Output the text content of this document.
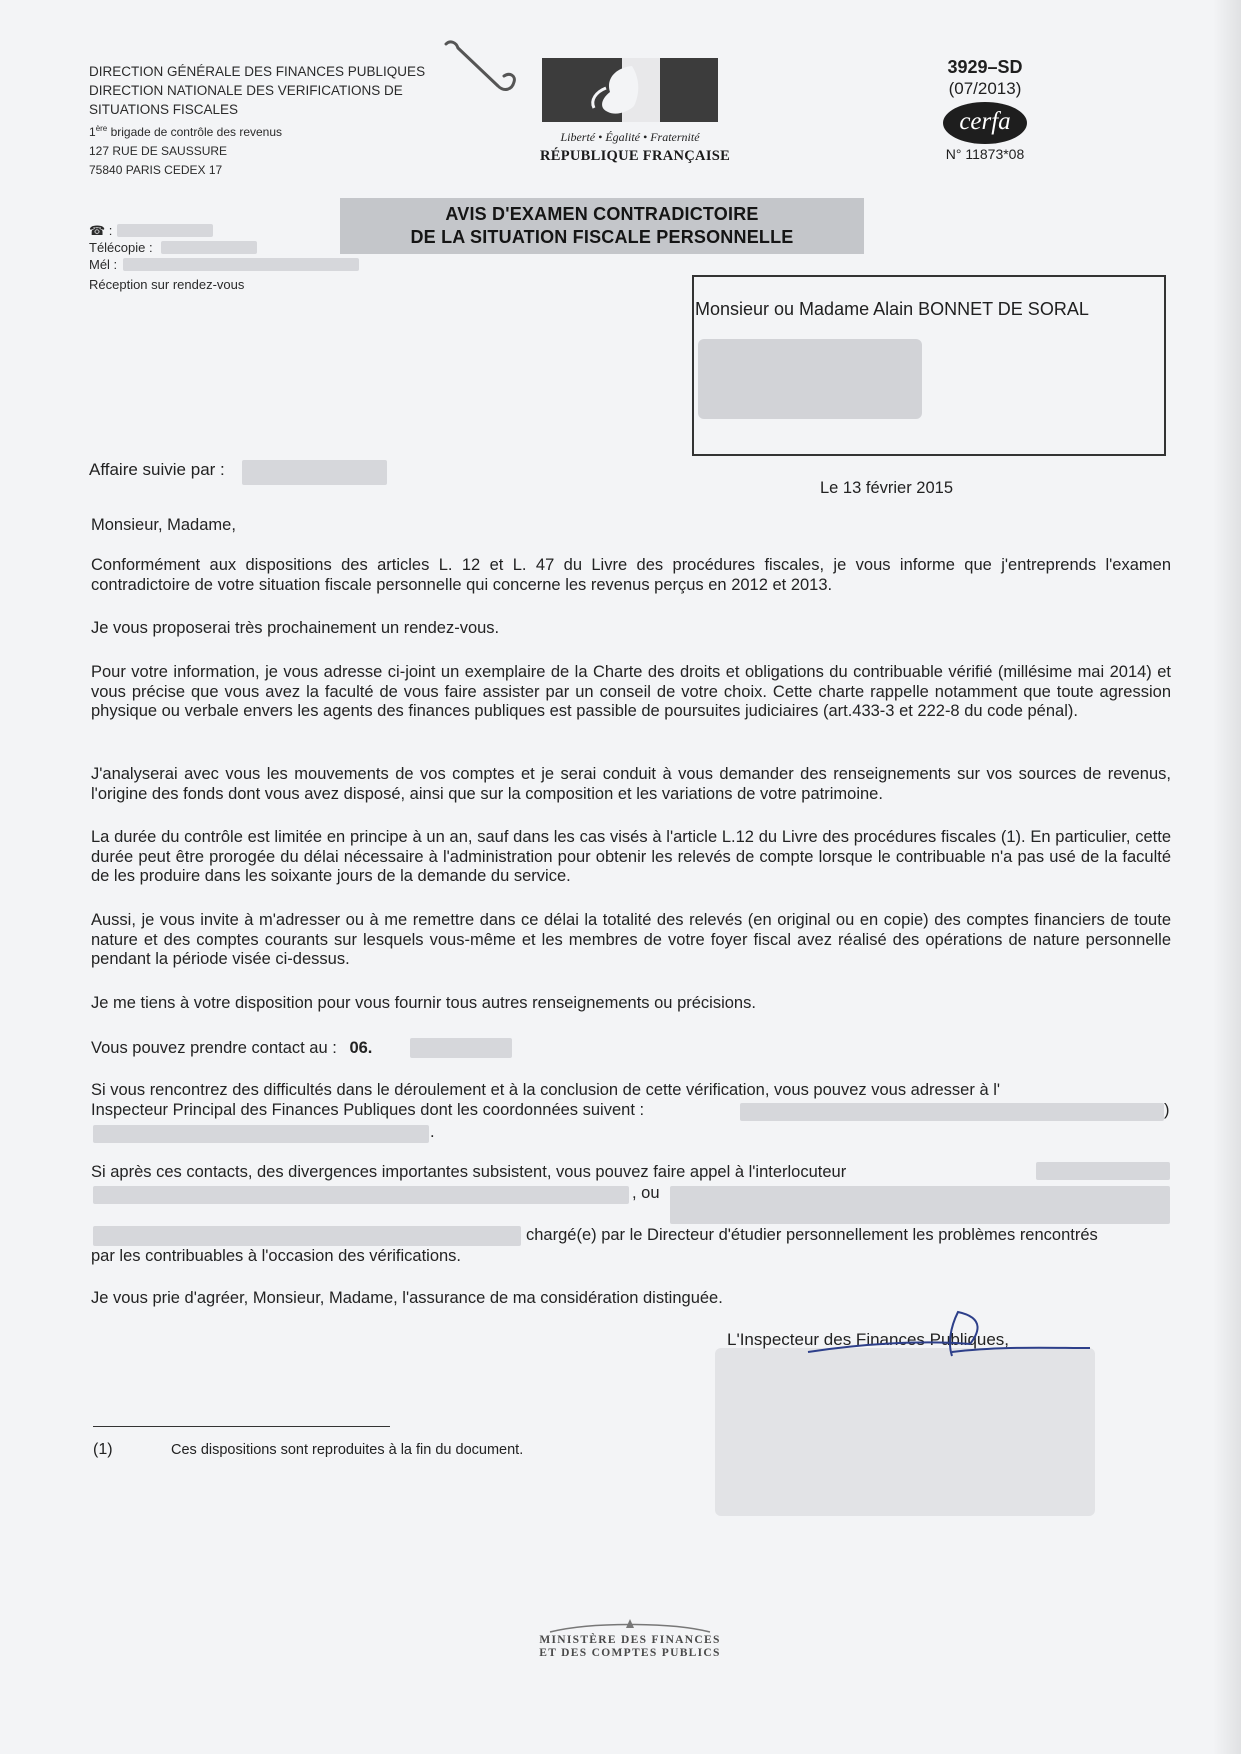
DIRECTION GÉNÉRALE DES FINANCES PUBLIQUES
DIRECTION NATIONALE DES VERIFICATIONS DE
SITUATIONS FISCALES
1ère brigade de contrôle des revenus
127 RUE DE SAUSSURE
75840 PARIS CEDEX 17
Liberté • Égalité • Fraternité
RÉPUBLIQUE FRANÇAISE
3929–SD
(07/2013)
cerfa
N° 11873*08
AVIS D'EXAMEN CONTRADICTOIRE
DE LA SITUATION FISCALE PERSONNELLE
☎ :
Télécopie :
Mél :
Réception sur rendez-vous
Monsieur ou Madame Alain BONNET DE SORAL
Affaire suivie par :
Le 13 février 2015
Monsieur, Madame,

Conformément aux dispositions des articles L. 12 et L. 47 du Livre des procédures fiscales, je vous informe que j'entreprends l'examen contradictoire de votre situation fiscale personnelle qui concerne les revenus perçus en 2012 et 2013.

Je vous proposerai très prochainement un rendez-vous.

Pour votre information, je vous adresse ci-joint un exemplaire de la Charte des droits et obligations du contribuable vérifié (millésime mai 2014) et vous précise que vous avez la faculté de vous faire assister par un conseil de votre choix. Cette charte rappelle notamment que toute agression physique ou verbale envers les agents des finances publiques est passible de poursuites judiciaires (art.433-3 et 222-8 du code pénal).

J'analyserai avec vous les mouvements de vos comptes et je serai conduit à vous demander des renseignements sur vos sources de revenus, l'origine des fonds dont vous avez disposé, ainsi que sur la composition et les variations de votre patrimoine.

La durée du contrôle est limitée en principe à un an, sauf dans les cas visés à l'article L.12 du Livre des procédures fiscales (1). En particulier, cette durée peut être prorogée du délai nécessaire à l'administration pour obtenir les relevés de compte lorsque le contribuable n'a pas usé de la faculté de les produire dans les soixante jours de la demande du service.

Aussi, je vous invite à m'adresser ou à me remettre dans ce délai la totalité des relevés (en original ou en copie) des comptes financiers de toute nature et des comptes courants sur lesquels vous-même et les membres de votre foyer fiscal avez réalisé des opérations de nature personnelle pendant la période visée ci-dessus.

Je me tiens à votre disposition pour vous fournir tous autres renseignements ou précisions.

Vous pouvez prendre contact au : 06.

Si vous rencontrez des difficultés dans le déroulement et à la conclusion de cette vérification, vous pouvez vous adresser à l'

Inspecteur Principal des Finances Publiques dont les coordonnées suivent :	)
.
Si après ces contacts, des divergences importantes subsistent, vous pouvez faire appel à l'interlocuteur
, ou
chargé(e) par le Directeur d'étudier personnellement les problèmes rencontrés
par les contribuables à l'occasion des vérifications.
Je vous prie d'agréer, Monsieur, Madame, l'assurance de ma considération distinguée.
L'Inspecteur des Finances Publiques,
(1)	Ces dispositions sont reproduites à la fin du document.
MINISTÈRE DES FINANCES
ET DES COMPTES PUBLICS
